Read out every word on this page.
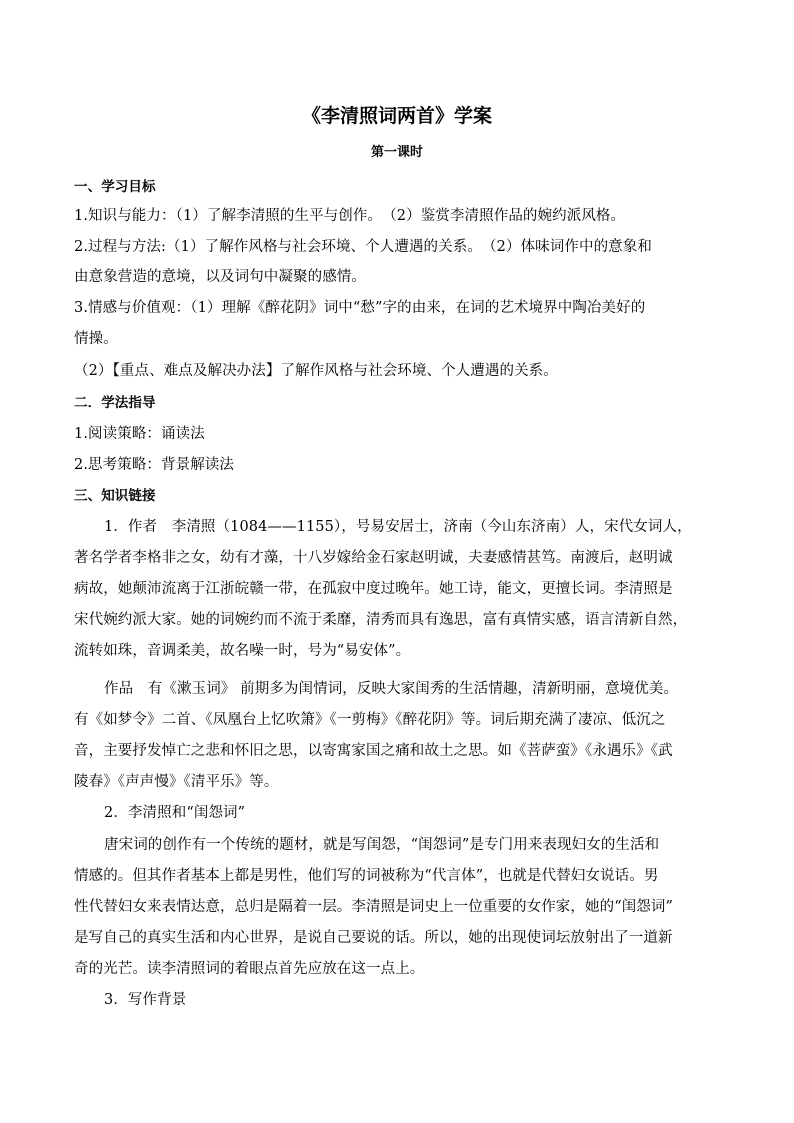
《李清照词两首》学案
第一课时
一、学习目标
1.知识与能力：（1）了解李清照的生平与创作。　（2）鉴赏李清照作品的婉约派风格。
2.过程与方法:（1）了解作风格与社会环境、个人遭遇的关系。　（2）体味词作中的意象和
由意象营造的意境，以及词句中凝聚的感情。
3.情感与价值观：（1）理解《醉花阴》词中“愁”字的由来，在词的艺术境界中陶冶美好的
情操。
（2）【重点、难点及解决办法】了解作风格与社会环境、个人遭遇的关系。
二．学法指导
1.阅读策略：诵读法
2.思考策略：背景解读法
三、知识链接
1．作者　李清照（1084——1155），号易安居士，济南（今山东济南）人，宋代女词人，
著名学者李格非之女，幼有才藻，十八岁嫁给金石家赵明诚，夫妻感情甚笃。南渡后，赵明诚
病故，她颠沛流离于江浙皖赣一带，在孤寂中度过晚年。她工诗，能文，更擅长词。李清照是
宋代婉约派大家。她的词婉约而不流于柔靡，清秀而具有逸思，富有真情实感，语言清新自然，
流转如珠，音调柔美，故名噪一时，号为“易安体”。
作品　有《漱玉词》 前期多为闺情词，反映大家闺秀的生活情趣，清新明丽，意境优美。
有《如梦令》二首、《凤凰台上忆吹箫》《一剪梅》《醉花阴》等。词后期充满了凄凉、低沉之
音，主要抒发悼亡之悲和怀旧之思，以寄寓家国之痛和故土之思。如《菩萨蛮》《永遇乐》《武
陵春》《声声慢》《清平乐》等。
2．李清照和“闺怨词”
唐宋词的创作有一个传统的题材，就是写闺怨，“闺怨词”是专门用来表现妇女的生活和
情感的。但其作者基本上都是男性，他们写的词被称为“代言体”，也就是代替妇女说话。男
性代替妇女来表情达意，总归是隔着一层。李清照是词史上一位重要的女作家，她的“闺怨词”
是写自己的真实生活和内心世界，是说自己要说的话。所以，她的出现使词坛放射出了一道新
奇的光芒。读李清照词的着眼点首先应放在这一点上。
3．写作背景
